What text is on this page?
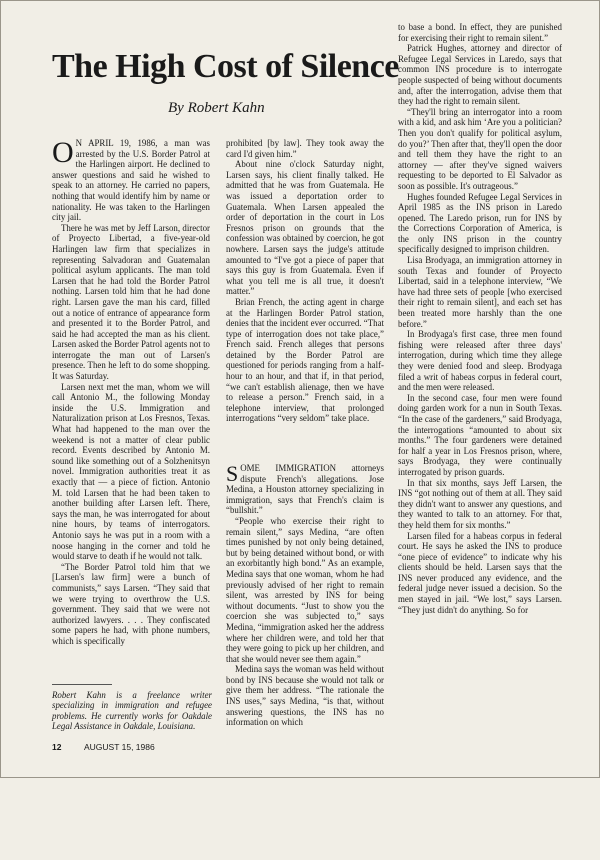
The High Cost of Silence
By Robert Kahn

O N APRIL 19, 1986, a man was arrested by the U.S. Border Patrol at the Harlingen airport. He declined to answer questions and said he wished to speak to an attorney. He carried no papers, nothing that would identify him by name or nationality. He was taken to the Harlingen city jail.

There he was met by Jeff Larson, director of Proyecto Libertad, a five-year-old Harlingen law firm that specializes in representing Salvadoran and Guatemalan political asylum applicants. The man told Larsen that he had told the Border Patrol nothing. Larsen told him that he had done right. Larsen gave the man his card, filled out a notice of entrance of appearance form and presented it to the Border Patrol, and said he had accepted the man as his client. Larsen asked the Border Patrol agents not to interrogate the man out of Larsen's presence. Then he left to do some shopping. It was Saturday.

Larsen next met the man, whom we will call Antonio M., the following Monday inside the U.S. Immigration and Naturalization prison at Los Fresnos, Texas. What had happened to the man over the weekend is not a matter of clear public record. Events described by Antonio M. sound like something out of a Solzhenitsyn novel. Immigration authorities treat it as exactly that — a piece of fiction. Antonio M. told Larsen that he had been taken to another building after Larsen left. There, says the man, he was interrogated for about nine hours, by teams of interrogators. Antonio says he was put in a room with a noose hanging in the corner and told he would starve to death if he would not talk.

“The Border Patrol told him that we [Larsen's law firm] were a bunch of communists,” says Larsen. “They said that we were trying to overthrow the U.S. government. They said that we were not authorized lawyers. . . . They confiscated some papers he had, with phone numbers, which is specifically

Robert Kahn is a freelance writer specializing in immigration and refugee problems. He currently works for Oakdale Legal Assistance in Oakdale, Louisiana.

prohibited [by law]. They took away the card I'd given him.”

About nine o'clock Saturday night, Larsen says, his client finally talked. He admitted that he was from Guatemala. He was issued a deportation order to Guatemala. When Larsen appealed the order of deportation in the court in Los Fresnos prison on grounds that the confession was obtained by coercion, he got nowhere. Larsen says the judge's attitude amounted to “I've got a piece of paper that says this guy is from Guatemala. Even if what you tell me is all true, it doesn't matter.”

Brian French, the acting agent in charge at the Harlingen Border Patrol station, denies that the incident ever occurred. “That type of interrogation does not take place,” French said. French alleges that persons detained by the Border Patrol are questioned for periods ranging from a half-hour to an hour, and that if, in that period, “we can't establish alienage, then we have to release a person.” French said, in a telephone interview, that prolonged interrogations “very seldom” take place.

SOME IMMIGRATION attorneys dispute French's allegations. Jose Medina, a Houston attorney specializing in immigration, says that French's claim is “bullshit.”

“People who exercise their right to remain silent,” says Medina, “are often times punished by not only being detained, but by being detained without bond, or with an exorbitantly high bond.” As an example, Medina says that one woman, whom he had previously advised of her right to remain silent, was arrested by INS for being without documents. “Just to show you the coercion she was subjected to,” says Medina, “immigration asked her the address where her children were, and told her that they were going to pick up her children, and that she would never see them again.”

Medina says the woman was held without bond by INS because she would not talk or give them her address. “The rationale the INS uses,” says Medina, “is that, without answering questions, the INS has no information on which

to base a bond. In effect, they are punished for exercising their right to remain silent.”

Patrick Hughes, attorney and director of Refugee Legal Services in Laredo, says that common INS procedure is to interrogate people suspected of being without documents and, after the interrogation, advise them that they had the right to remain silent.

“They'll bring an interrogator into a room with a kid, and ask him ‘Are you a politician? Then you don't qualify for political asylum, do you?’ Then after that, they'll open the door and tell them they have the right to an attorney — after they've signed waivers requesting to be deported to El Salvador as soon as possible. It's outrageous.”

Hughes founded Refugee Legal Services in April 1985 as the INS prison in Laredo opened. The Laredo prison, run for INS by the Corrections Corporation of America, is the only INS prison in the country specifically designed to imprison children.

Lisa Brodyaga, an immigration attorney in south Texas and founder of Proyecto Libertad, said in a telephone interview, “We have had three sets of people [who exercised their right to remain silent], and each set has been treated more harshly than the one before.”

In Brodyaga's first case, three men found fishing were released after three days' interrogation, during which time they allege they were denied food and sleep. Brodyaga filed a writ of habeas corpus in federal court, and the men were released.

In the second case, four men were found doing garden work for a nun in South Texas. “In the case of the gardeners,” said Brodyaga, the interrogations “amounted to about six months.” The four gardeners were detained for half a year in Los Fresnos prison, where, says Brodyaga, they were continually interrogated by prison guards.

In that six months, says Jeff Larsen, the INS “got nothing out of them at all. They said they didn't want to answer any questions, and they wanted to talk to an attorney. For that, they held them for six months.”

Larsen filed for a habeas corpus in federal court. He says he asked the INS to produce “one piece of evidence” to indicate why his clients should be held. Larsen says that the INS never produced any evidence, and the federal judge never issued a decision. So the men stayed in jail. “We lost,” says Larsen. “They just didn't do anything. So for

12	AUGUST 15, 1986
